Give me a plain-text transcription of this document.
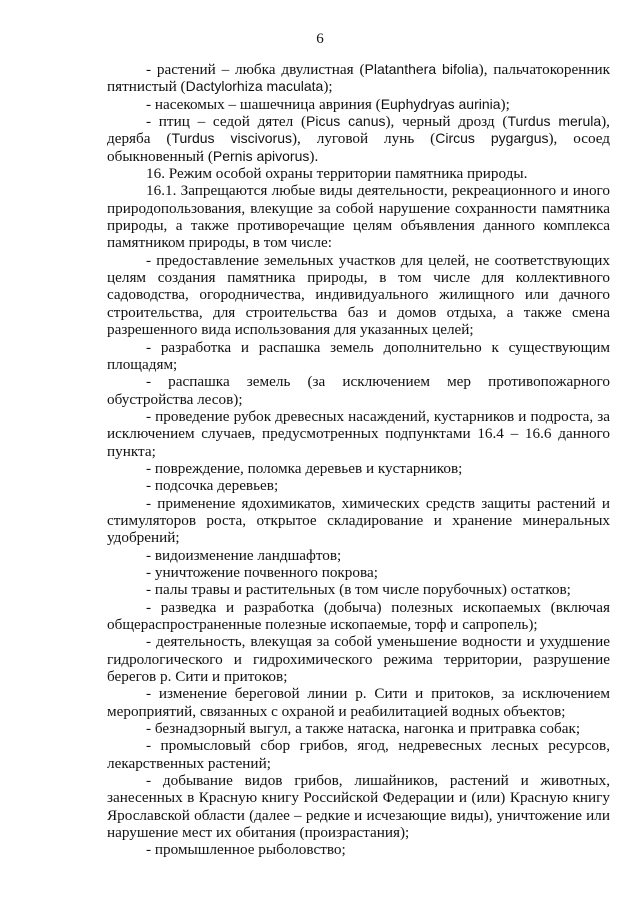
6

- растений – любка двулистная (Platanthera bifolia), пальчатокоренник пятнистый (Dactylorhiza maculata);

- насекомых – шашечница авриния (Euphydryas aurinia);

- птиц – седой дятел (Picus canus), черный дрозд (Turdus merula), деряба (Turdus viscivorus), луговой лунь (Circus pygargus), осоед обыкновенный (Pernis apivorus).

16. Режим особой охраны территории памятника природы.

16.1. Запрещаются любые виды деятельности, рекреационного и иного природопользования, влекущие за собой нарушение сохранности памятника природы, а также противоречащие целям объявления данного комплекса памятником природы, в том числе:

- предоставление земельных участков для целей, не соответствующих целям создания памятника природы, в том числе для коллективного садоводства, огородничества, индивидуального жилищного или дачного строительства, для строительства баз и домов отдыха, а также смена разрешенного вида использования для указанных целей;

- разработка и распашка земель дополнительно к существующим площадям;

- распашка земель (за исключением мер противопожарного обустройства лесов);

- проведение рубок древесных насаждений, кустарников и подроста, за исключением случаев, предусмотренных подпунктами 16.4 – 16.6 данного пункта;

- повреждение, поломка деревьев и кустарников;

- подсочка деревьев;

- применение ядохимикатов, химических средств защиты растений и стимуляторов роста, открытое складирование и хранение минеральных удобрений;

- видоизменение ландшафтов;

- уничтожение почвенного покрова;

- палы травы и растительных (в том числе порубочных) остатков;

- разведка и разработка (добыча) полезных ископаемых (включая общераспространенные полезные ископаемые, торф и сапропель);

- деятельность, влекущая за собой уменьшение водности и ухудшение гидрологического и гидрохимического режима территории, разрушение берегов р. Сити и притоков;

- изменение береговой линии р. Сити и притоков, за исключением мероприятий, связанных с охраной и реабилитацией водных объектов;

- безнадзорный выгул, а также натаска, нагонка и притравка собак;

- промысловый сбор грибов, ягод, недревесных лесных ресурсов, лекарственных растений;

- добывание видов грибов, лишайников, растений и животных, занесенных в Красную книгу Российской Федерации и (или) Красную книгу Ярославской области (далее – редкие и исчезающие виды), уничтожение или нарушение мест их обитания (произрастания);

- промышленное рыболовство;
